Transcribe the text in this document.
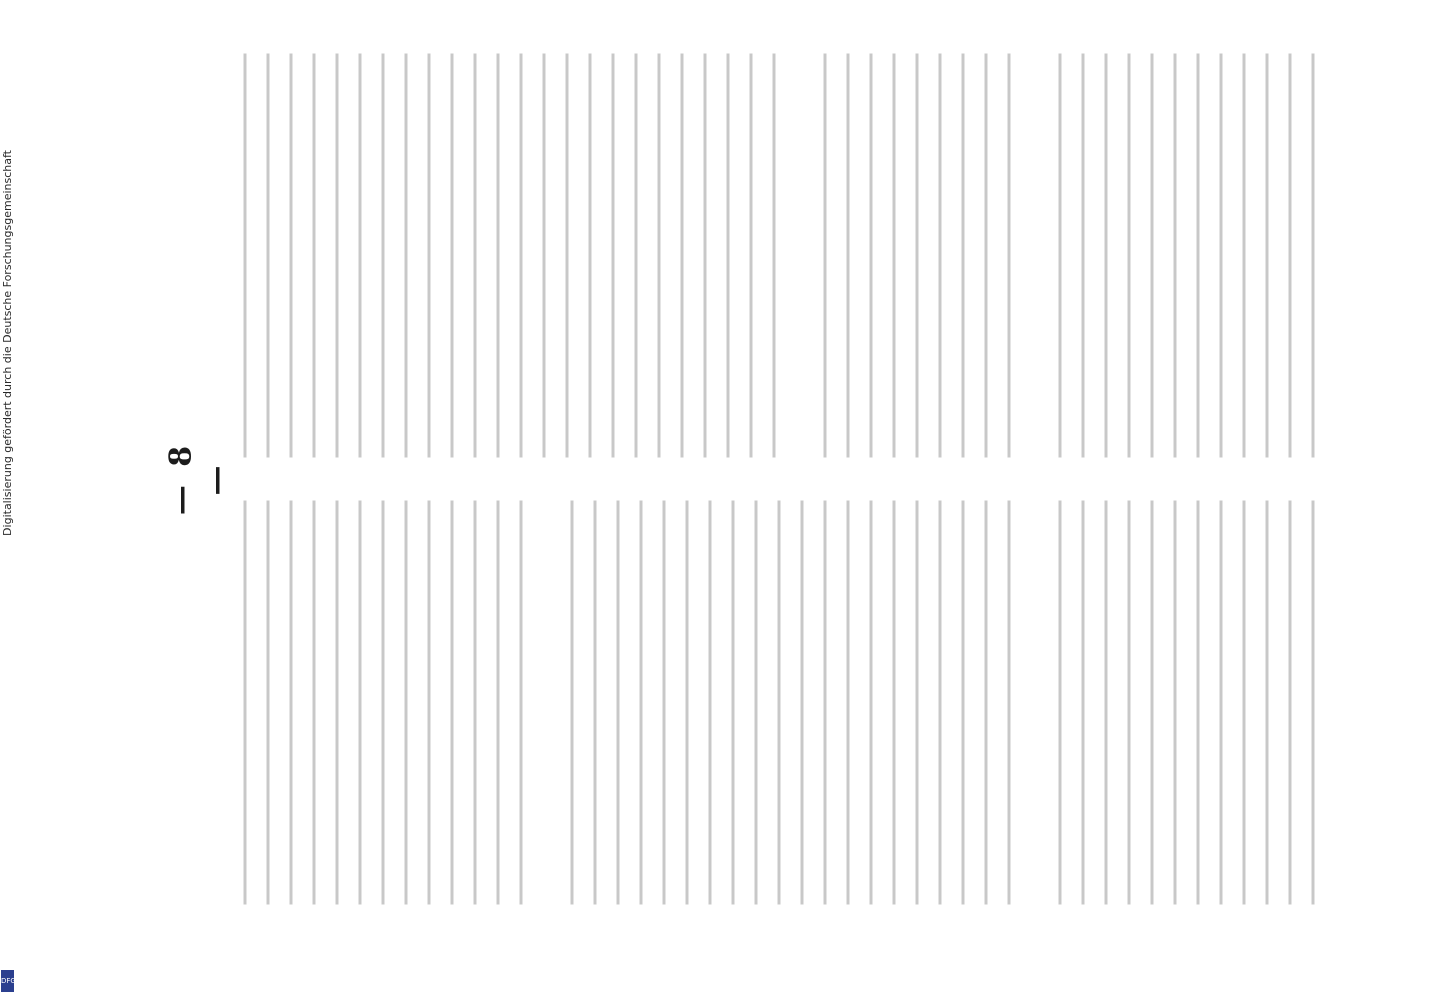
Digitalisierung gefördert durch die Deutsche Forschungsgemeinschaft
DFG
— 8 —
